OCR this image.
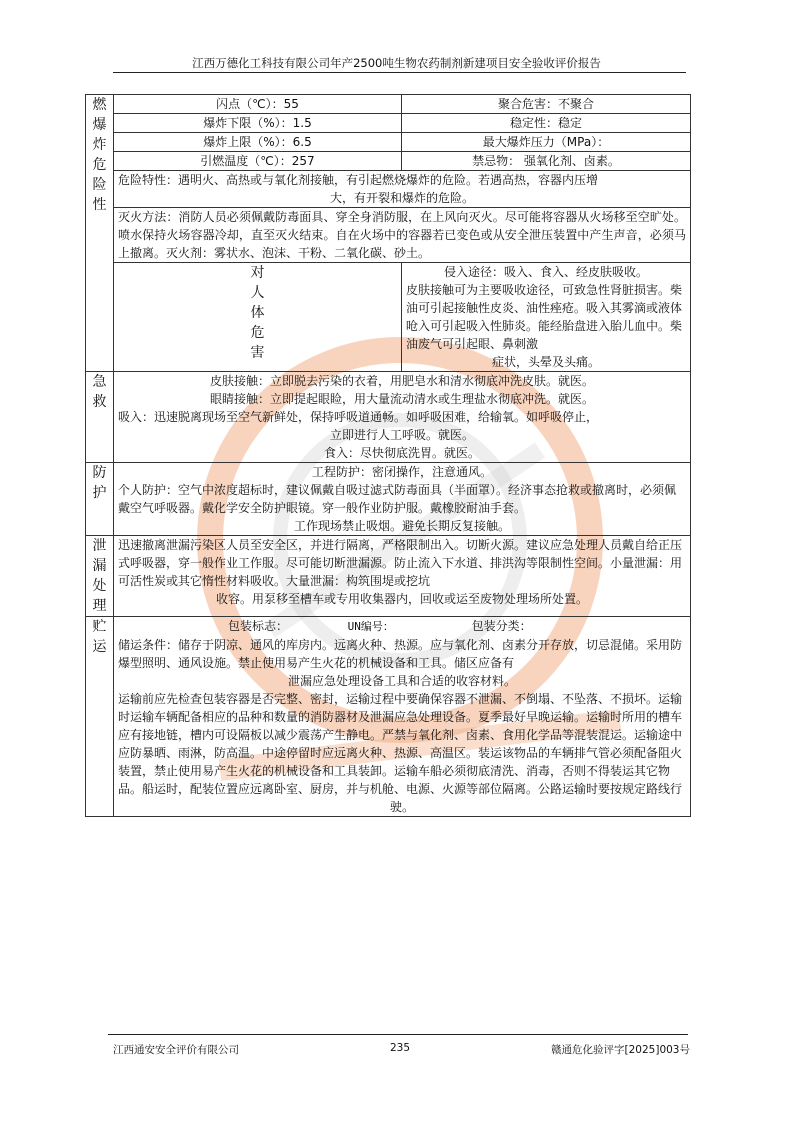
江西万德化工科技有限公司年产2500吨生物农药制剂新建项目安全验收评价报告
燃爆炸危险性	闪点（℃）：55	聚合危害：不聚合
	爆炸下限（%）：1.5	稳定性：稳定
	爆炸上限（%）：6.5	最大爆炸压力（MPa）：
	引燃温度（℃）：257	禁忌物： 强氧化剂、卤素。

	危险特性：遇明火、高热或与氧化剂接触，有引起燃烧爆炸的危险。若遇高热，容器内压增
大，有开裂和爆炸的危险。	

	灭火方法：消防人员必须佩戴防毒面具、穿全身消防服，在上风向灭火。尽可能将容器从火场移至空旷处。喷水保持火场容器冷却，直至灭火结束。自在火场中的容器若已变色或从安全泄压装置中产生声音，必须马上撤离。灭火剂：雾状水、泡沫、干粉、二氧化碳、砂土。	
	对人体危害	侵入途径：吸入、食入、经皮肤吸收。
皮肤接触可为主要吸收途径，可致急性肾脏损害。柴油可引起接触性皮炎、油性痤疮。吸入其雾滴或液体呛入可引起吸入性肺炎。能经胎盘进入胎儿血中。柴油废气可引起眼、鼻刺激
症状，头晕及头痛。

急救	皮肤接触：立即脱去污染的衣着，用肥皂水和清水彻底冲洗皮肤。就医。
眼睛接触：立即提起眼睑，用大量流动清水或生理盐水彻底冲洗。就医。
吸入：迅速脱离现场至空气新鲜处，保持呼吸道通畅。如呼吸困难，给输氧。如呼吸停止，
立即进行人工呼吸。就医。
食入：尽快彻底洗胃。就医。	

防护	工程防护：密闭操作，注意通风。
个人防护：空气中浓度超标时，建议佩戴自吸过滤式防毒面具（半面罩）。经济事态抢救或撤离时，必须佩戴空气呼吸器。戴化学安全防护眼镜。穿一般作业防护服。戴橡胶耐油手套。
工作现场禁止吸烟。避免长期反复接触。	

泄漏处理	迅速撤离泄漏污染区人员至安全区，并进行隔离，严格限制出入。切断火源。建议应急处理人员戴自给正压式呼吸器，穿一般作业工作服。尽可能切断泄漏源。防止流入下水道、排洪沟等限制性空间。小量泄漏：用可活性炭或其它惰性材料吸收。大量泄漏：构筑围堤或挖坑
收容。用泵移至槽车或专用收集器内，回收或运至废物处理场所处置。	

贮运	包装标志： UN编号： 包装分类：
储运条件：储存于阴凉、通风的库房内。远离火种、热源。应与氧化剂、卤素分开存放，切忌混储。采用防爆型照明、通风设施。禁止使用易产生火花的机械设备和工具。储区应备有
泄漏应急处理设备工具和合适的收容材料。
运输前应先检查包装容器是否完整、密封，运输过程中要确保容器不泄漏、不倒塌、不坠落、不损坏。运输时运输车辆配备相应的品种和数量的消防器材及泄漏应急处理设备。夏季最好早晚运输。运输时所用的槽车应有接地链，槽内可设隔板以减少震荡产生静电。严禁与氧化剂、卤素、食用化学品等混装混运。运输途中应防暴晒、雨淋，防高温。中途停留时应远离火种、热源、高温区。装运该物品的车辆排气管必须配备阻火装置，禁止使用易产生火花的机械设备和工具装卸。运输车船必须彻底清洗、消毒，否则不得装运其它物品。船运时，配装位置应远离卧室、厨房，并与机舱、电源、火源等部位隔离。公路运输时要按规定路线行
驶。	
江西通安安全评价有限公司	235	赣通危化验评字[2025]003号
